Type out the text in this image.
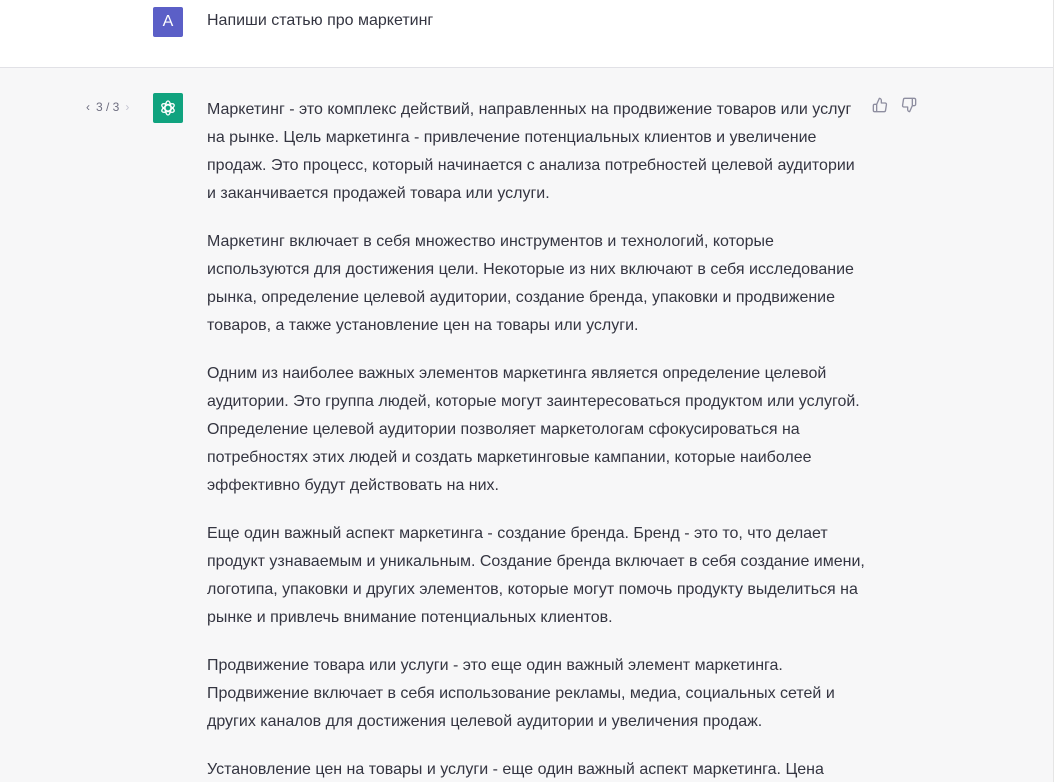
A Напиши статью про маркетинг
‹ 3 / 3 ›	Маркетинг - это комплекс действий, направленных на продвижение товаров или услуг на рынке. Цель маркетинга - привлечение потенциальных клиентов и увеличение продаж. Это процесс, который начинается с анализа потребностей целевой аудитории и заканчивается продажей товара или услуги.

Маркетинг включает в себя множество инструментов и технологий, которые используются для достижения цели. Некоторые из них включают в себя исследование рынка, определение целевой аудитории, создание бренда, упаковки и продвижение товаров, а также установление цен на товары или услуги.

Одним из наиболее важных элементов маркетинга является определение целевой аудитории. Это группа людей, которые могут заинтересоваться продуктом или услугой. Определение целевой аудитории позволяет маркетологам сфокусироваться на потребностях этих людей и создать маркетинговые кампании, которые наиболее эффективно будут действовать на них.

Еще один важный аспект маркетинга - создание бренда. Бренд - это то, что делает продукт узнаваемым и уникальным. Создание бренда включает в себя создание имени, логотипа, упаковки и других элементов, которые могут помочь продукту выделиться на рынке и привлечь внимание потенциальных клиентов.

Продвижение товара или услуги - это еще один важный элемент маркетинга. Продвижение включает в себя использование рекламы, медиа, социальных сетей и других каналов для достижения целевой аудитории и увеличения продаж.

Установление цен на товары и услуги - еще один важный аспект маркетинга. Цена
